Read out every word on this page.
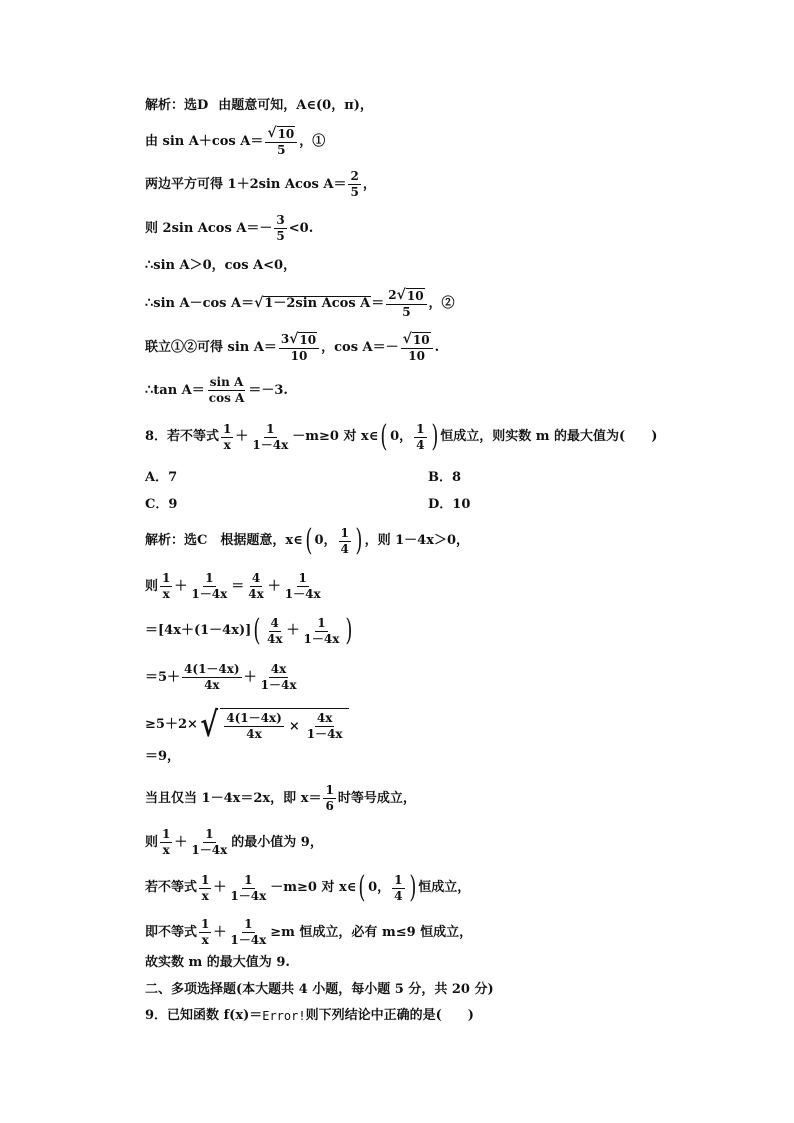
解析：选D 由题意可知， A∈(0，π)，
由 sin A＋cos $A= \frac{√ 10}{5}$ ，①
两边平方可得 1＋2sin Acos $A= \frac{2}{5}$ ，
则 2sin Acos $A=- \frac{3}{5} <0$.
∴sin A＞0，cos A<0，
∴sin A－cos A＝ √ 1－2sin Acos $A = \frac{2 √ 10}{5}$ ，②
联立①②可得 $\sin A= \frac{3 √ 10}{10}$ ，$\cos A=- \frac{√ 10}{10}$ .
∴tan $A= \frac{\text{sin A}}{\text{cos A}} =-3$.
8．若不等式 $\frac{1}{x} + \frac{1}{1-4x} -m\ge 0$ 对 x∈ ( 0， $\frac{1}{4}$ ) 恒成立，则实数 m 的最大值为(　　)
A．7	B．8
C．9	D．10
解析：选C　根据题意，x∈ ( 0， $\frac{1}{4}$ ) ，则 1－4x＞0，
则 $\frac{1}{x} + \frac{1}{1-4x} = \frac{4}{4x} + \frac{1}{1-4x}$
＝[4x＋(1－4x)] ( $\frac{4}{4x} + \frac{1}{1-4x}$ )
$=5+ \frac{4(1-4x)}{4x} + \frac{4x}{1-4x}$
≥5＋2× √ $\frac{4(1-4x)}{4x} \times \frac{4x}{1-4x}$
＝9，
当且仅当 1－4x＝2x，即 $x= \frac{1}{6}$ 时等号成立，
则 $\frac{1}{x} + \frac{1}{1-4x}$ 的最小值为 9，
若不等式 $\frac{1}{x} + \frac{1}{1-4x} -m\ge 0$ 对 x∈ ( 0， $\frac{1}{4}$ ) 恒成立，
即不等式 $\frac{1}{x} + \frac{1}{1-4x} \ge m$ 恒成立，必有 m≤9 恒成立，
故实数 m 的最大值为 9.
二、多项选择题(本大题共 4 小题，每小题 5 分，共 20 分)
9．已知函数 f(x)＝ Error! 则下列结论中正确的是(　　)
